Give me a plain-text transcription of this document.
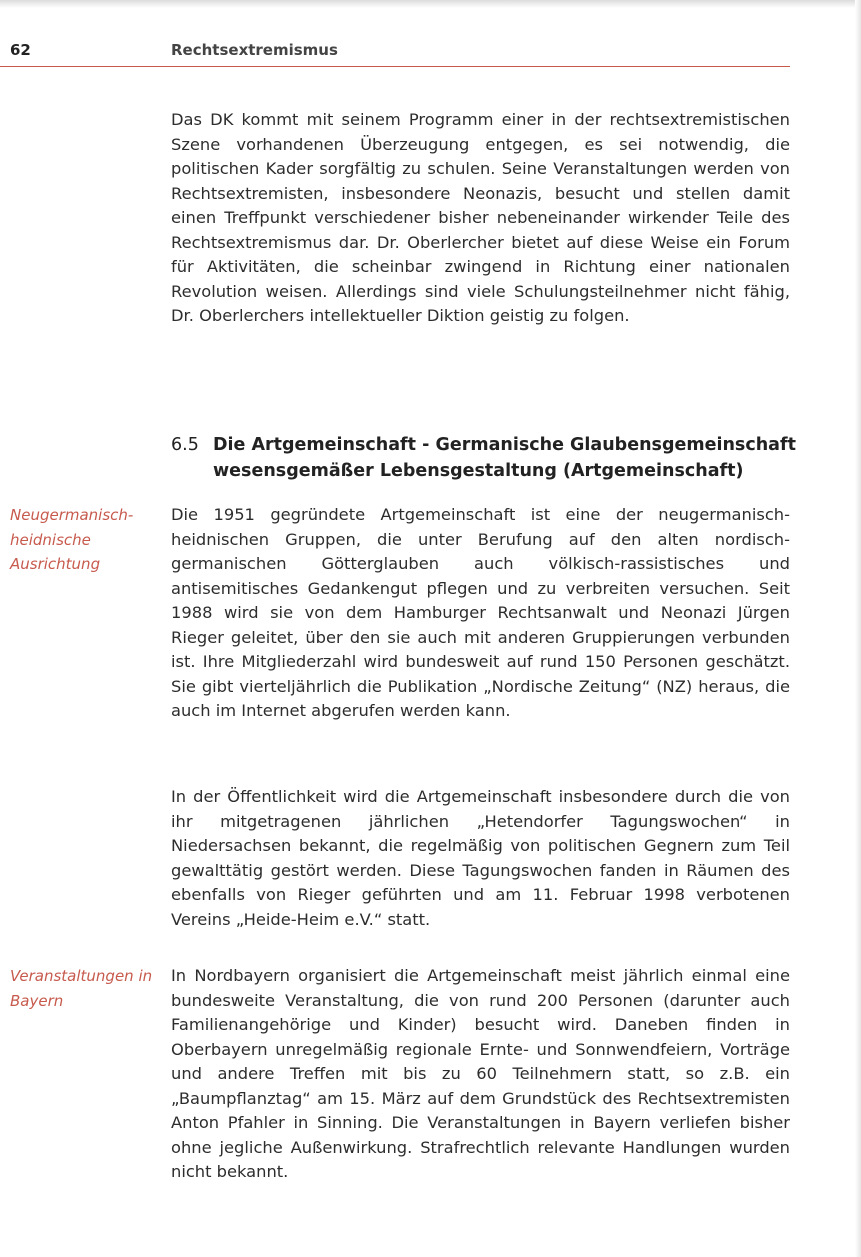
62	Rechtsextremismus

Das DK kommt mit seinem Programm einer in der rechtsextremistischen Szene vorhandenen Überzeugung entgegen, es sei notwendig, die politischen Kader sorgfältig zu schulen. Seine Veranstaltungen werden von Rechtsextremisten, insbesondere Neonazis, besucht und stellen damit einen Treffpunkt verschiedener bisher nebeneinander wirkender Teile des Rechtsextremismus dar. Dr. Oberlercher bietet auf diese Weise ein Forum für Aktivitäten, die scheinbar zwingend in Richtung einer nationalen Revolution weisen. Allerdings sind viele Schulungsteilnehmer nicht fähig, Dr. Oberlerchers intellektueller Diktion geistig zu folgen.

6.5 Die Artgemeinschaft - Germanische Glaubensgemeinschaft
wesensgemäßer Lebensgestaltung (Artgemeinschaft)

Neugermanisch-heidnische Ausrichtung

Die 1951 gegründete Artgemeinschaft ist eine der neugermanisch-heidnischen Gruppen, die unter Berufung auf den alten nordisch-germanischen Götterglauben auch völkisch-rassistisches und antisemitisches Gedankengut pflegen und zu verbreiten versuchen. Seit 1988 wird sie von dem Hamburger Rechtsanwalt und Neonazi Jürgen Rieger geleitet, über den sie auch mit anderen Gruppierungen verbunden ist. Ihre Mitgliederzahl wird bundesweit auf rund 150 Personen geschätzt. Sie gibt vierteljährlich die Publikation „Nordische Zeitung“ (NZ) heraus, die auch im Internet abgerufen werden kann.

In der Öffentlichkeit wird die Artgemeinschaft insbesondere durch die von ihr mitgetragenen jährlichen „Hetendorfer Tagungswochen“ in Niedersachsen bekannt, die regelmäßig von politischen Gegnern zum Teil gewalttätig gestört werden. Diese Tagungswochen fanden in Räumen des ebenfalls von Rieger geführten und am 11. Februar 1998 verbotenen Vereins „Heide-Heim e.V.“ statt.

Veranstaltungen in Bayern

In Nordbayern organisiert die Artgemeinschaft meist jährlich einmal eine bundesweite Veranstaltung, die von rund 200 Personen (darunter auch Familienangehörige und Kinder) besucht wird. Daneben finden in Oberbayern unregelmäßig regionale Ernte- und Sonnwendfeiern, Vorträge und andere Treffen mit bis zu 60 Teilnehmern statt, so z.B. ein „Baumpflanztag“ am 15. März auf dem Grundstück des Rechtsextremisten Anton Pfahler in Sinning. Die Veranstaltungen in Bayern verliefen bisher ohne jegliche Außenwirkung. Strafrechtlich relevante Handlungen wurden nicht bekannt.
